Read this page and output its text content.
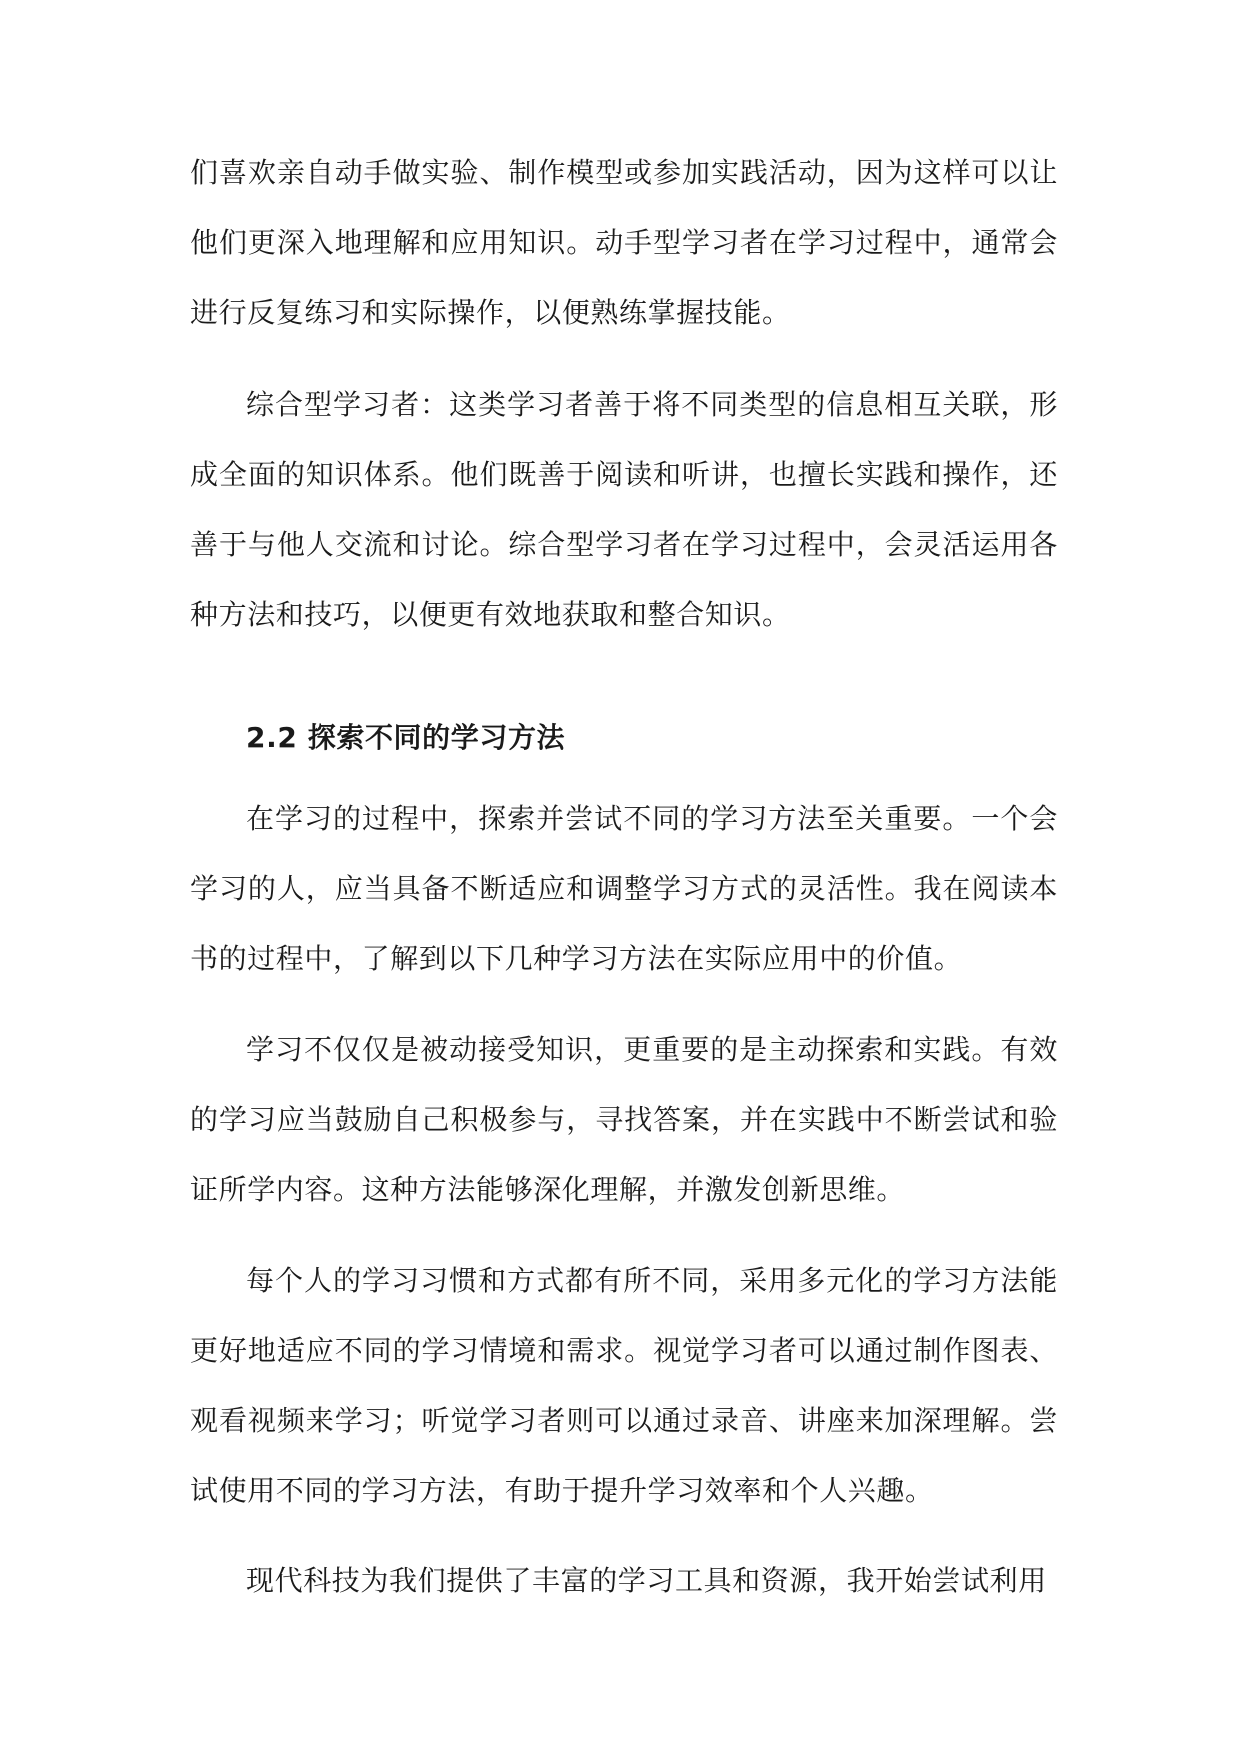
们喜欢亲自动手做实验、制作模型或参加实践活动，因为这样可以让他们更深入地理解和应用知识。动手型学习者在学习过程中，通常会进行反复练习和实际操作，以便熟练掌握技能。

综合型学习者：这类学习者善于将不同类型的信息相互关联，形成全面的知识体系。他们既善于阅读和听讲，也擅长实践和操作，还善于与他人交流和讨论。综合型学习者在学习过程中，会灵活运用各种方法和技巧，以便更有效地获取和整合知识。

2.2 探索不同的学习方法

在学习的过程中，探索并尝试不同的学习方法至关重要。一个会学习的人，应当具备不断适应和调整学习方式的灵活性。我在阅读本书的过程中，了解到以下几种学习方法在实际应用中的价值。

学习不仅仅是被动接受知识，更重要的是主动探索和实践。有效的学习应当鼓励自己积极参与，寻找答案，并在实践中不断尝试和验证所学内容。这种方法能够深化理解，并激发创新思维。

每个人的学习习惯和方式都有所不同，采用多元化的学习方法能更好地适应不同的学习情境和需求。视觉学习者可以通过制作图表、观看视频来学习；听觉学习者则可以通过录音、讲座来加深理解。尝试使用不同的学习方法，有助于提升学习效率和个人兴趣。

现代科技为我们提供了丰富的学习工具和资源，我开始尝试利用
